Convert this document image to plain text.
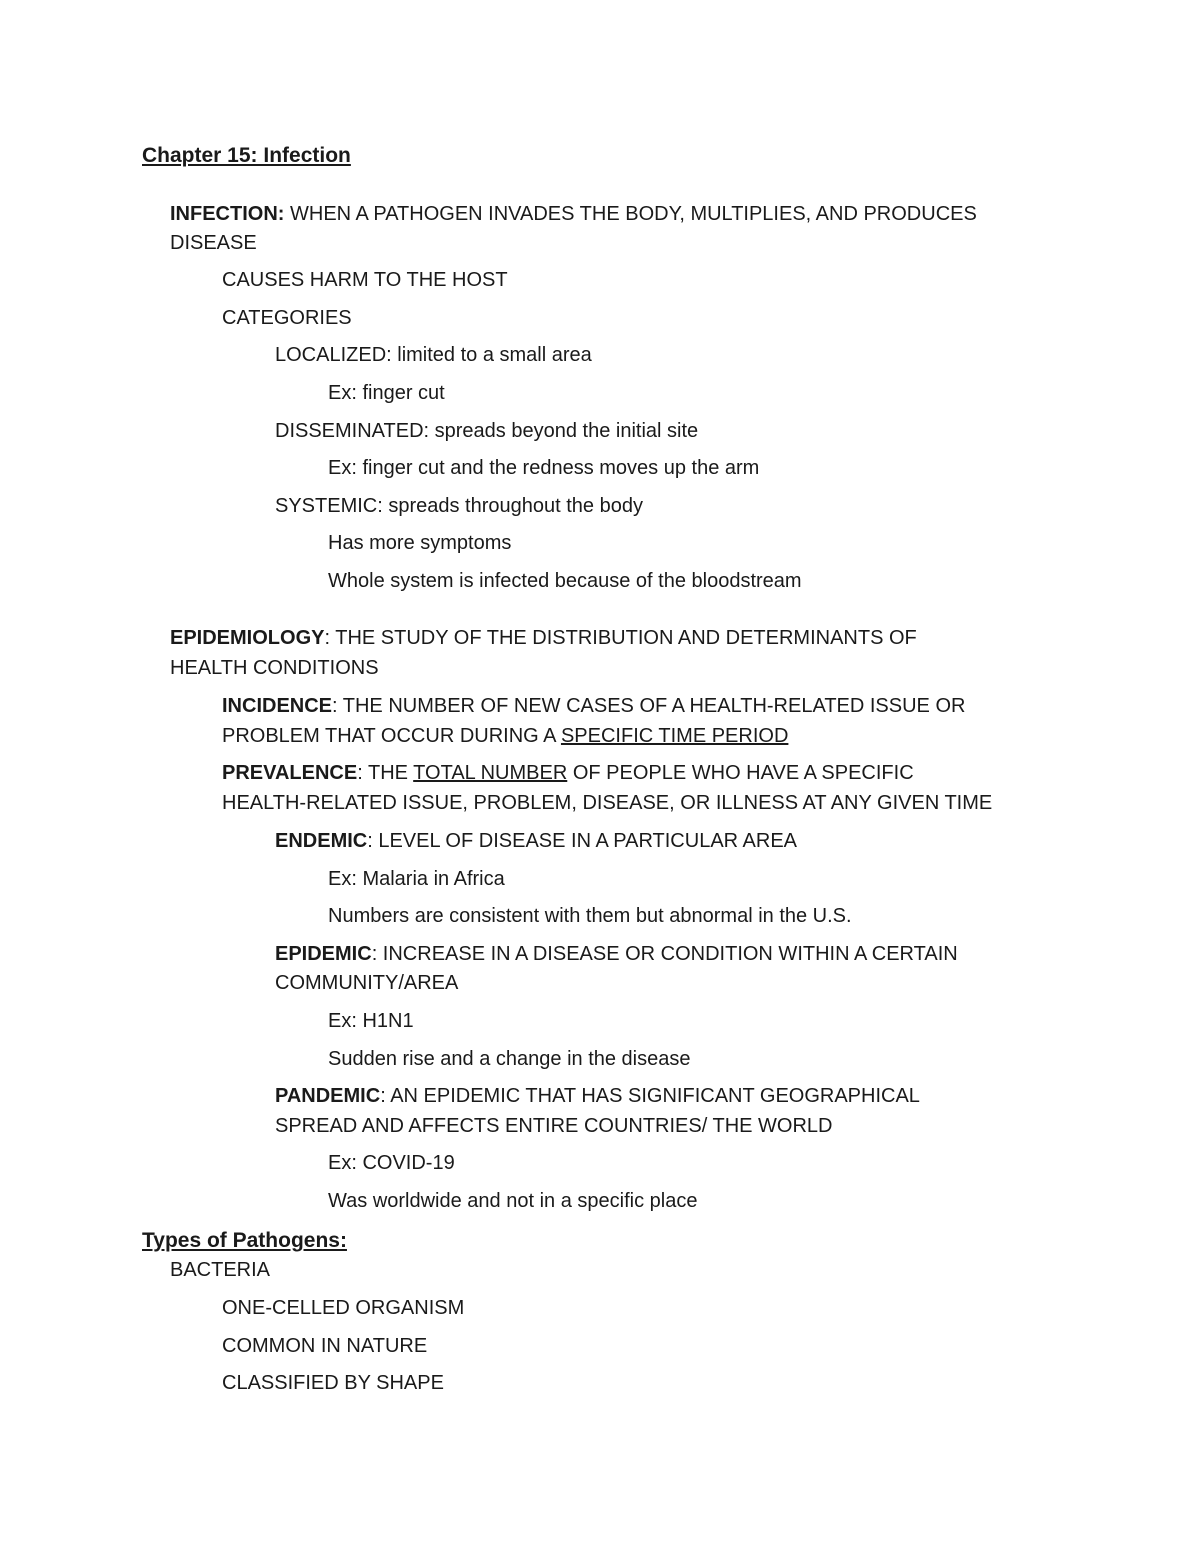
Chapter 15: Infection
INFECTION: WHEN A PATHOGEN INVADES THE BODY, MULTIPLIES, AND PRODUCES
DISEASE
CAUSES HARM TO THE HOST
CATEGORIES
LOCALIZED: limited to a small area
Ex: finger cut
DISSEMINATED: spreads beyond the initial site
Ex: finger cut and the redness moves up the arm
SYSTEMIC: spreads throughout the body
Has more symptoms
Whole system is infected because of the bloodstream
EPIDEMIOLOGY: THE STUDY OF THE DISTRIBUTION AND DETERMINANTS OF
HEALTH CONDITIONS
INCIDENCE: THE NUMBER OF NEW CASES OF A HEALTH-RELATED ISSUE OR
PROBLEM THAT OCCUR DURING A SPECIFIC TIME PERIOD
PREVALENCE: THE TOTAL NUMBER OF PEOPLE WHO HAVE A SPECIFIC
HEALTH-RELATED ISSUE, PROBLEM, DISEASE, OR ILLNESS AT ANY GIVEN TIME
ENDEMIC: LEVEL OF DISEASE IN A PARTICULAR AREA
Ex: Malaria in Africa
Numbers are consistent with them but abnormal in the U.S.
EPIDEMIC: INCREASE IN A DISEASE OR CONDITION WITHIN A CERTAIN
COMMUNITY/AREA
Ex: H1N1
Sudden rise and a change in the disease
PANDEMIC: AN EPIDEMIC THAT HAS SIGNIFICANT GEOGRAPHICAL
SPREAD AND AFFECTS ENTIRE COUNTRIES/ THE WORLD
Ex: COVID-19
Was worldwide and not in a specific place
Types of Pathogens:
BACTERIA
ONE-CELLED ORGANISM
COMMON IN NATURE
CLASSIFIED BY SHAPE
